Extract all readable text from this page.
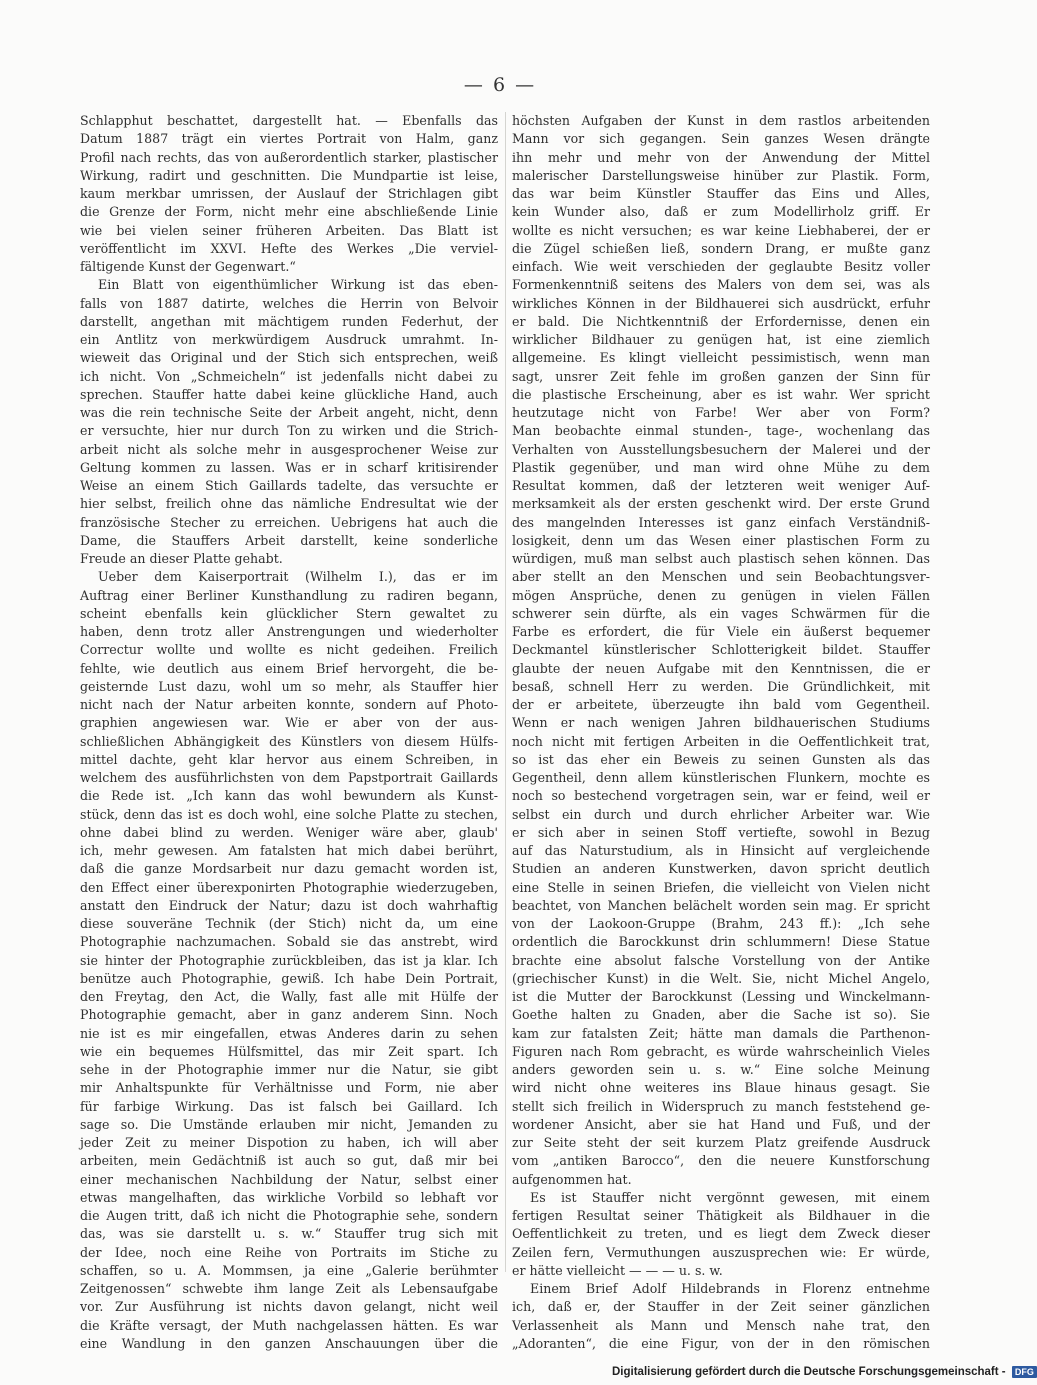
— 6 —
Schlapphut beschattet, dargestellt hat. — Ebenfalls das
Datum 1887 trägt ein viertes Portrait von Halm, ganz
Profil nach rechts, das von außerordentlich starker, plastischer
Wirkung, radirt und geschnitten. Die Mundpartie ist leise,
kaum merkbar umrissen, der Auslauf der Strichlagen gibt
die Grenze der Form, nicht mehr eine abschließende Linie
wie bei vielen seiner früheren Arbeiten. Das Blatt ist
veröffentlicht im XXVI. Hefte des Werkes „Die verviel-
fältigende Kunst der Gegenwart.“
Ein Blatt von eigenthümlicher Wirkung ist das eben-
falls von 1887 datirte, welches die Herrin von Belvoir
darstellt, angethan mit mächtigem runden Federhut, der
ein Antlitz von merkwürdigem Ausdruck umrahmt. In-
wieweit das Original und der Stich sich entsprechen, weiß
ich nicht. Von „Schmeicheln“ ist jedenfalls nicht dabei zu
sprechen. Stauffer hatte dabei keine glückliche Hand, auch
was die rein technische Seite der Arbeit angeht, nicht, denn
er versuchte, hier nur durch Ton zu wirken und die Strich-
arbeit nicht als solche mehr in ausgesprochener Weise zur
Geltung kommen zu lassen. Was er in scharf kritisirender
Weise an einem Stich Gaillards tadelte, das versuchte er
hier selbst, freilich ohne das nämliche Endresultat wie der
französische Stecher zu erreichen. Uebrigens hat auch die
Dame, die Stauffers Arbeit darstellt, keine sonderliche
Freude an dieser Platte gehabt.
Ueber dem Kaiserportrait (Wilhelm I.), das er im
Auftrag einer Berliner Kunsthandlung zu radiren begann,
scheint ebenfalls kein glücklicher Stern gewaltet zu
haben, denn trotz aller Anstrengungen und wiederholter
Correctur wollte und wollte es nicht gedeihen. Freilich
fehlte, wie deutlich aus einem Brief hervorgeht, die be-
geisternde Lust dazu, wohl um so mehr, als Stauffer hier
nicht nach der Natur arbeiten konnte, sondern auf Photo-
graphien angewiesen war. Wie er aber von der aus-
schließlichen Abhängigkeit des Künstlers von diesem Hülfs-
mittel dachte, geht klar hervor aus einem Schreiben, in
welchem des ausführlichsten von dem Papstportrait Gaillards
die Rede ist. „Ich kann das wohl bewundern als Kunst-
stück, denn das ist es doch wohl, eine solche Platte zu stechen,
ohne dabei blind zu werden. Weniger wäre aber, glaub'
ich, mehr gewesen. Am fatalsten hat mich dabei berührt,
daß die ganze Mordsarbeit nur dazu gemacht worden ist,
den Effect einer überexponirten Photographie wiederzugeben,
anstatt den Eindruck der Natur; dazu ist doch wahrhaftig
diese souveräne Technik (der Stich) nicht da, um eine
Photographie nachzumachen. Sobald sie das anstrebt, wird
sie hinter der Photographie zurückbleiben, das ist ja klar. Ich
benütze auch Photographie, gewiß. Ich habe Dein Portrait,
den Freytag, den Act, die Wally, fast alle mit Hülfe der
Photographie gemacht, aber in ganz anderem Sinn. Noch
nie ist es mir eingefallen, etwas Anderes darin zu sehen
wie ein bequemes Hülfsmittel, das mir Zeit spart. Ich
sehe in der Photographie immer nur die Natur, sie gibt
mir Anhaltspunkte für Verhältnisse und Form, nie aber
für farbige Wirkung. Das ist falsch bei Gaillard. Ich
sage so. Die Umstände erlauben mir nicht, Jemanden zu
jeder Zeit zu meiner Dispotion zu haben, ich will aber
arbeiten, mein Gedächtniß ist auch so gut, daß mir bei
einer mechanischen Nachbildung der Natur, selbst einer
etwas mangelhaften, das wirkliche Vorbild so lebhaft vor
die Augen tritt, daß ich nicht die Photographie sehe, sondern
das, was sie darstellt u. s. w.“ Stauffer trug sich mit
der Idee, noch eine Reihe von Portraits im Stiche zu
schaffen, so u. A. Mommsen, ja eine „Galerie berühmter
Zeitgenossen“ schwebte ihm lange Zeit als Lebensaufgabe
vor. Zur Ausführung ist nichts davon gelangt, nicht weil
die Kräfte versagt, der Muth nachgelassen hätten. Es war
eine Wandlung in den ganzen Anschauungen über die
höchsten Aufgaben der Kunst in dem rastlos arbeitenden
Mann vor sich gegangen. Sein ganzes Wesen drängte
ihn mehr und mehr von der Anwendung der Mittel
malerischer Darstellungsweise hinüber zur Plastik. Form,
das war beim Künstler Stauffer das Eins und Alles,
kein Wunder also, daß er zum Modellirholz griff. Er
wollte es nicht versuchen; es war keine Liebhaberei, der er
die Zügel schießen ließ, sondern Drang, er mußte ganz
einfach. Wie weit verschieden der geglaubte Besitz voller
Formenkenntniß seitens des Malers von dem sei, was als
wirkliches Können in der Bildhauerei sich ausdrückt, erfuhr
er bald. Die Nichtkenntniß der Erfordernisse, denen ein
wirklicher Bildhauer zu genügen hat, ist eine ziemlich
allgemeine. Es klingt vielleicht pessimistisch, wenn man
sagt, unsrer Zeit fehle im großen ganzen der Sinn für
die plastische Erscheinung, aber es ist wahr. Wer spricht
heutzutage nicht von Farbe! Wer aber von Form?
Man beobachte einmal stunden-, tage-, wochenlang das
Verhalten von Ausstellungsbesuchern der Malerei und der
Plastik gegenüber, und man wird ohne Mühe zu dem
Resultat kommen, daß der letzteren weit weniger Auf-
merksamkeit als der ersten geschenkt wird. Der erste Grund
des mangelnden Interesses ist ganz einfach Verständniß-
losigkeit, denn um das Wesen einer plastischen Form zu
würdigen, muß man selbst auch plastisch sehen können. Das
aber stellt an den Menschen und sein Beobachtungsver-
mögen Ansprüche, denen zu genügen in vielen Fällen
schwerer sein dürfte, als ein vages Schwärmen für die
Farbe es erfordert, die für Viele ein äußerst bequemer
Deckmantel künstlerischer Schlotterigkeit bildet. Stauffer
glaubte der neuen Aufgabe mit den Kenntnissen, die er
besaß, schnell Herr zu werden. Die Gründlichkeit, mit
der er arbeitete, überzeugte ihn bald vom Gegentheil.
Wenn er nach wenigen Jahren bildhauerischen Studiums
noch nicht mit fertigen Arbeiten in die Oeffentlichkeit trat,
so ist das eher ein Beweis zu seinen Gunsten als das
Gegentheil, denn allem künstlerischen Flunkern, mochte es
noch so bestechend vorgetragen sein, war er feind, weil er
selbst ein durch und durch ehrlicher Arbeiter war. Wie
er sich aber in seinen Stoff vertiefte, sowohl in Bezug
auf das Naturstudium, als in Hinsicht auf vergleichende
Studien an anderen Kunstwerken, davon spricht deutlich
eine Stelle in seinen Briefen, die vielleicht von Vielen nicht
beachtet, von Manchen belächelt worden sein mag. Er spricht
von der Laokoon-Gruppe (Brahm, 243 ff.): „Ich sehe
ordentlich die Barockkunst drin schlummern! Diese Statue
brachte eine absolut falsche Vorstellung von der Antike
(griechischer Kunst) in die Welt. Sie, nicht Michel Angelo,
ist die Mutter der Barockkunst (Lessing und Winckelmann-
Goethe halten zu Gnaden, aber die Sache ist so). Sie
kam zur fatalsten Zeit; hätte man damals die Parthenon-
Figuren nach Rom gebracht, es würde wahrscheinlich Vieles
anders geworden sein u. s. w.“ Eine solche Meinung
wird nicht ohne weiteres ins Blaue hinaus gesagt. Sie
stellt sich freilich in Widerspruch zu manch feststehend ge-
wordener Ansicht, aber sie hat Hand und Fuß, und der
zur Seite steht der seit kurzem Platz greifende Ausdruck
vom „antiken Barocco“, den die neuere Kunstforschung
aufgenommen hat.
Es ist Stauffer nicht vergönnt gewesen, mit einem
fertigen Resultat seiner Thätigkeit als Bildhauer in die
Oeffentlichkeit zu treten, und es liegt dem Zweck dieser
Zeilen fern, Vermuthungen auszusprechen wie: Er würde,
er hätte vielleicht — — — u. s. w.
Einem Brief Adolf Hildebrands in Florenz entnehme
ich, daß er, der Stauffer in der Zeit seiner gänzlichen
Verlassenheit als Mann und Mensch nahe trat, den
„Adoranten“, die eine Figur, von der in den römischen
Digitalisierung gefördert durch die Deutsche Forschungsgemeinschaft - DFG
